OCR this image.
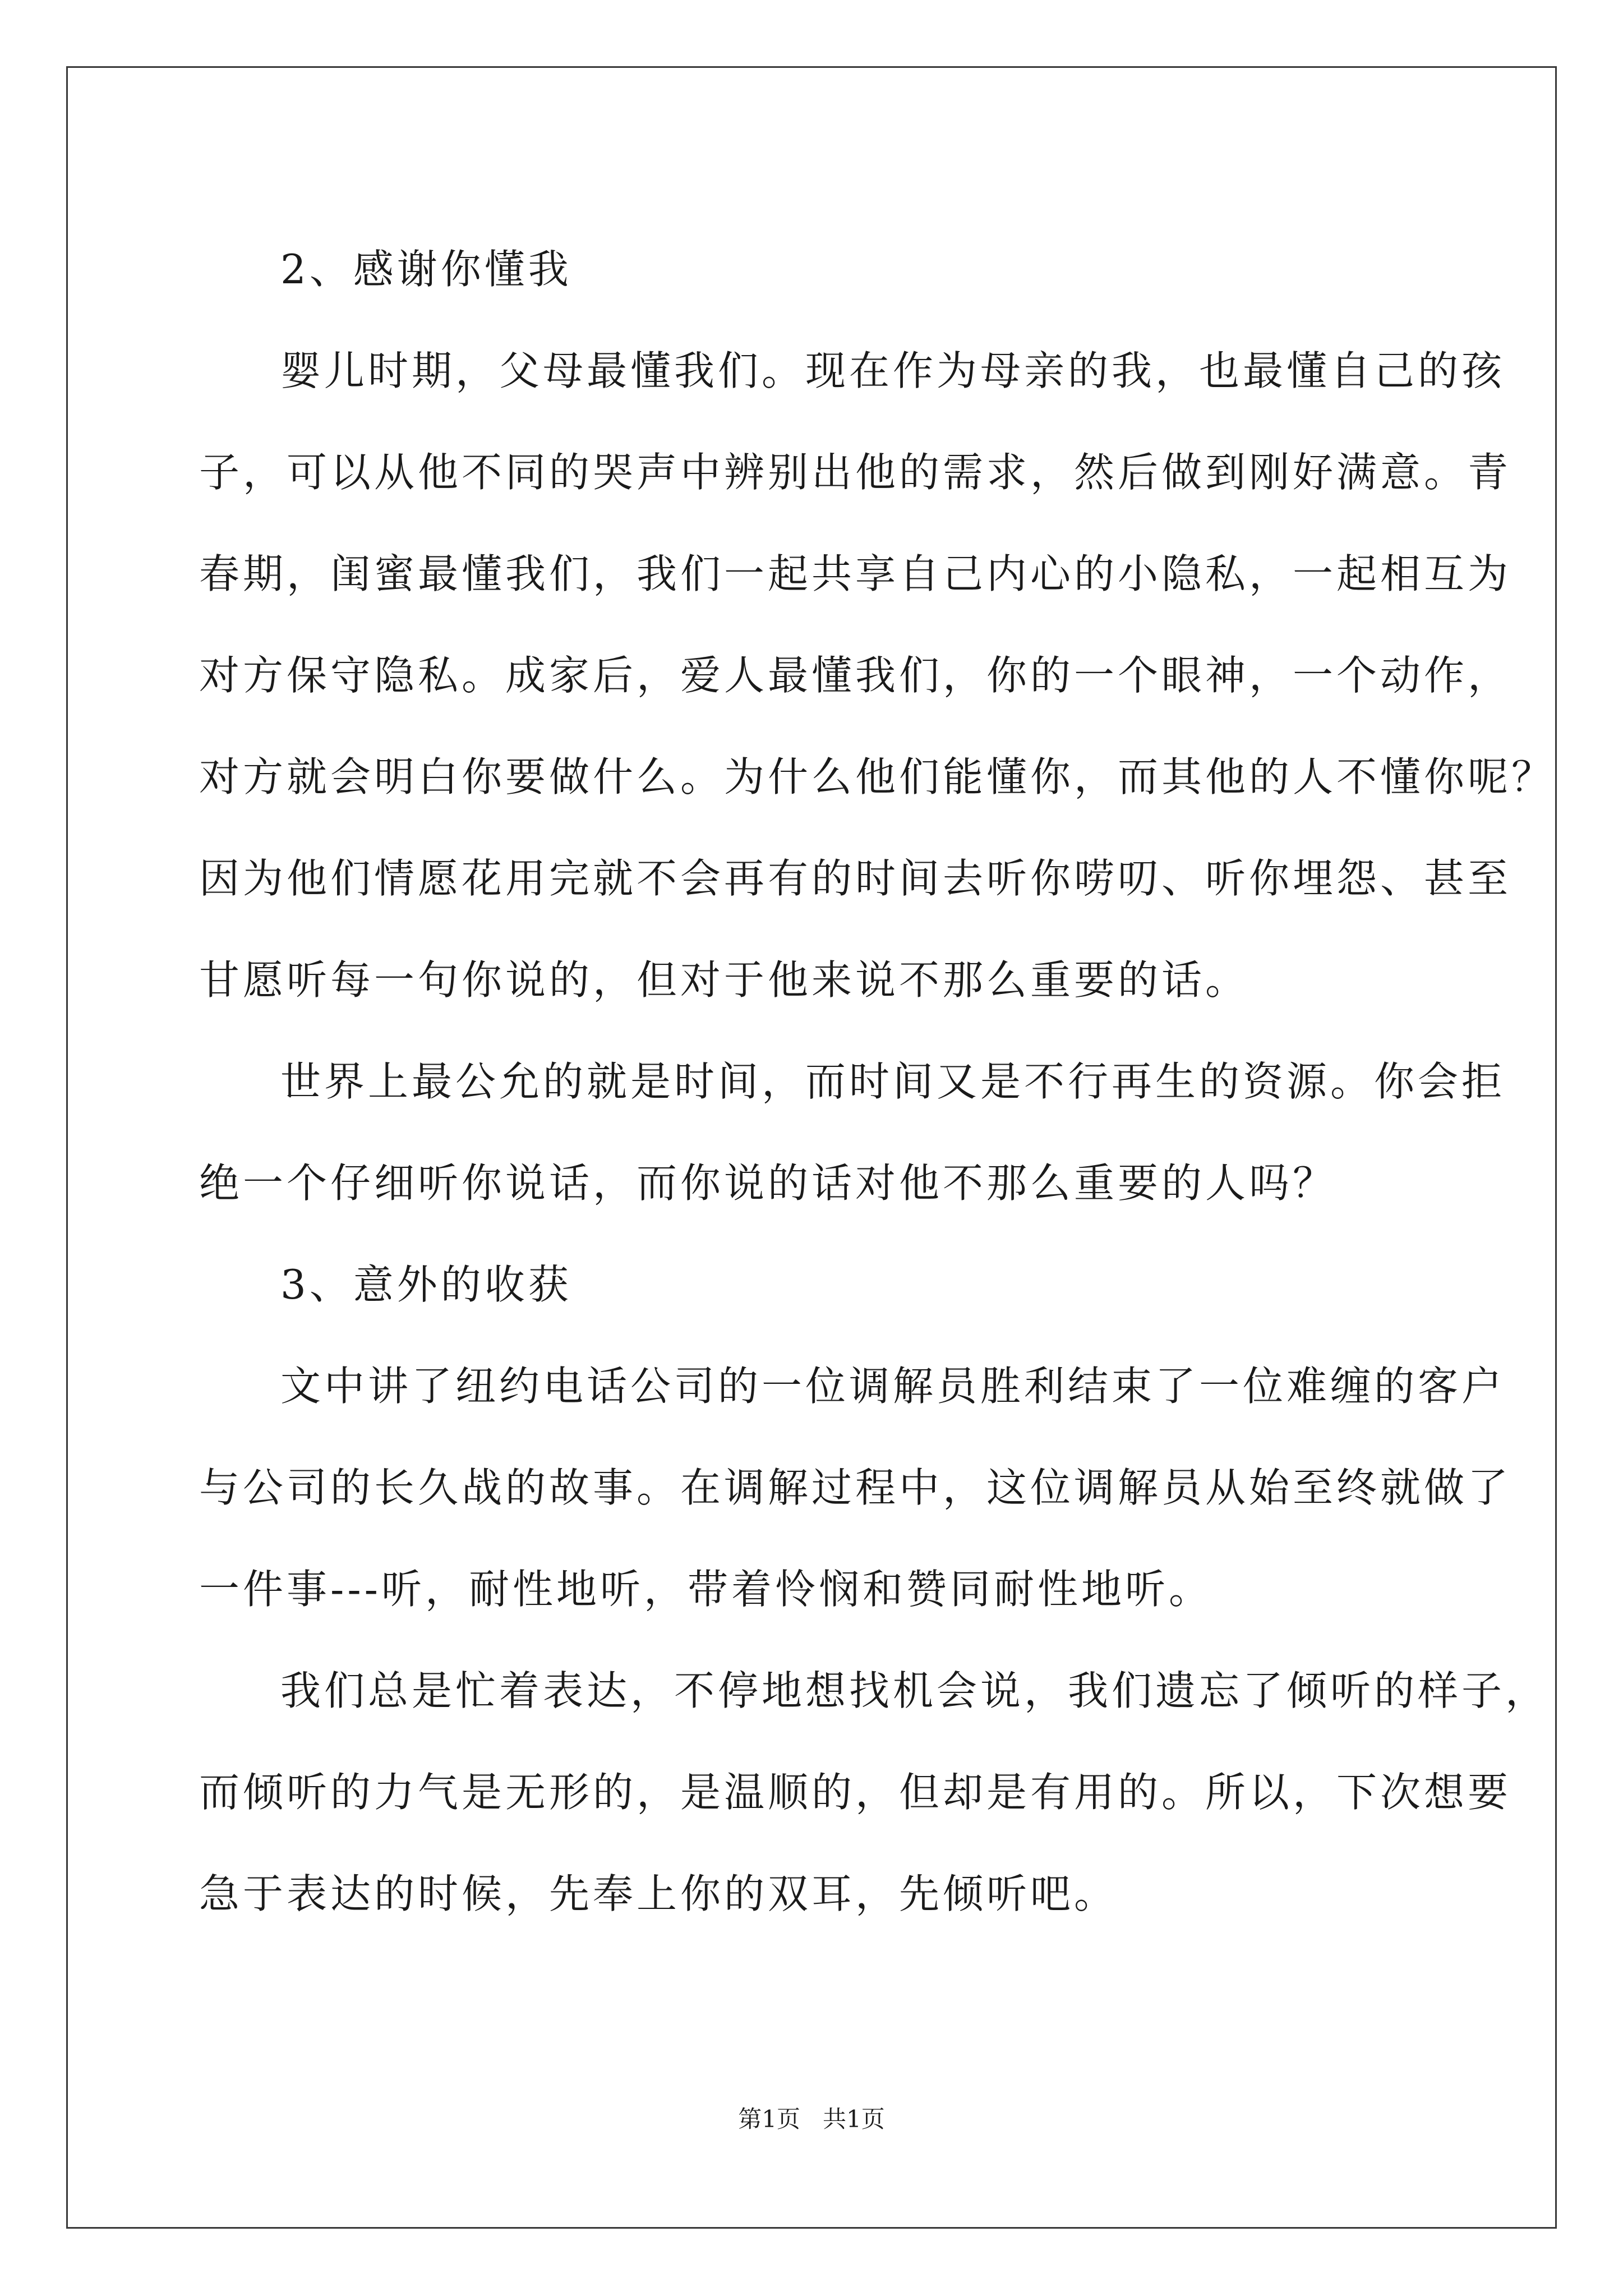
2、感谢你懂我
婴儿时期，父母最懂我们。现在作为母亲的我，也最懂自己的孩
子，可以从他不同的哭声中辨别出他的需求，然后做到刚好满意。青
春期，闺蜜最懂我们，我们一起共享自己内心的小隐私，一起相互为
对方保守隐私。成家后，爱人最懂我们，你的一个眼神，一个动作，
对方就会明白你要做什么。为什么他们能懂你，而其他的人不懂你呢？
因为他们情愿花用完就不会再有的时间去听你唠叨、听你埋怨、甚至
甘愿听每一句你说的，但对于他来说不那么重要的话。
世界上最公允的就是时间，而时间又是不行再生的资源。你会拒
绝一个仔细听你说话，而你说的话对他不那么重要的人吗？
3、意外的收获
文中讲了纽约电话公司的一位调解员胜利结束了一位难缠的客户
与公司的长久战的故事。在调解过程中，这位调解员从始至终就做了
一件事---听，耐性地听，带着怜悯和赞同耐性地听。
我们总是忙着表达，不停地想找机会说，我们遗忘了倾听的样子，
而倾听的力气是无形的，是温顺的，但却是有用的。所以，下次想要
急于表达的时候，先奉上你的双耳，先倾听吧。
第1页 共1页
